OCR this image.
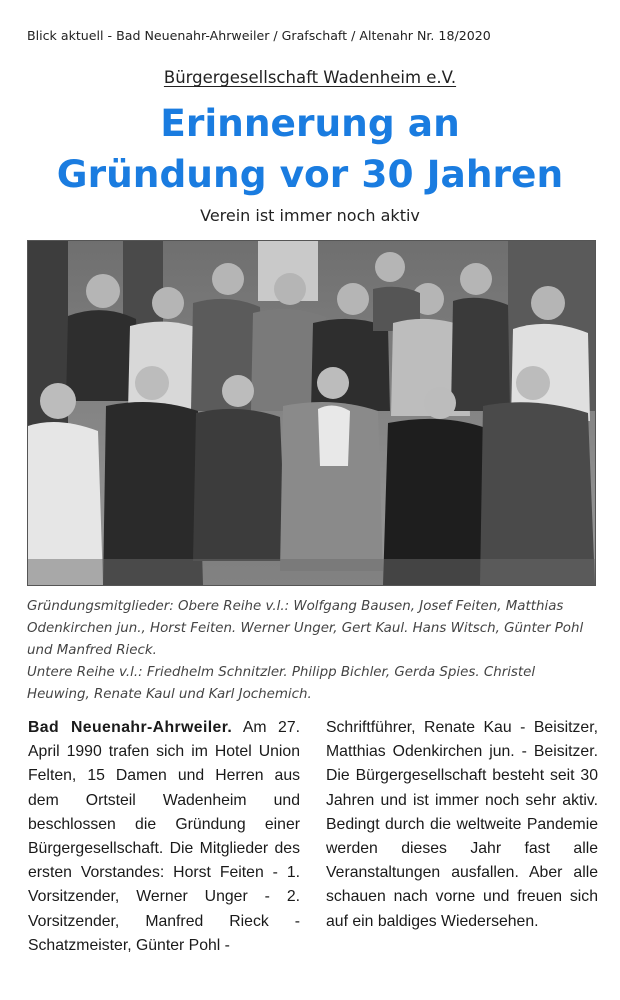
Blick aktuell - Bad Neuenahr-Ahrweiler / Grafschaft / Altenahr Nr. 18/2020
Bürgergesellschaft Wadenheim e.V.
Erinnerung an
Gründung vor 30 Jahren
Verein ist immer noch aktiv

Gründungsmitglieder: Obere Reihe v.l.: Wolfgang Bausen, Josef Feiten, Matthias Odenkirchen jun., Horst Feiten. Werner Unger, Gert Kaul. Hans Witsch, Günter Pohl und Manfred Rieck.

Untere Reihe v.l.: Friedhelm Schnitzler. Philipp Bichler, Gerda Spies. Christel Heuwing, Renate Kaul und Karl Jochemich.

Bad Neuenahr-Ahrweiler. Am 27. April 1990 trafen sich im Hotel Union Felten, 15 Damen und Herren aus dem Ortsteil Wadenheim und beschlossen die Gründung einer Bürgergesellschaft. Die Mitglieder des ersten Vorstandes: Horst Feiten - 1. Vorsitzender, Werner Unger - 2. Vorsitzender, Manfred Rieck - Schatzmeister, Günter Pohl -

Schriftführer, Renate Kau - Beisitzer, Matthias Odenkirchen jun. - Beisitzer. Die Bürgergesellschaft besteht seit 30 Jahren und ist immer noch sehr aktiv. Bedingt durch die weltweite Pandemie werden dieses Jahr fast alle Veranstaltungen ausfallen. Aber alle schauen nach vorne und freuen sich auf ein baldiges Wiedersehen.
